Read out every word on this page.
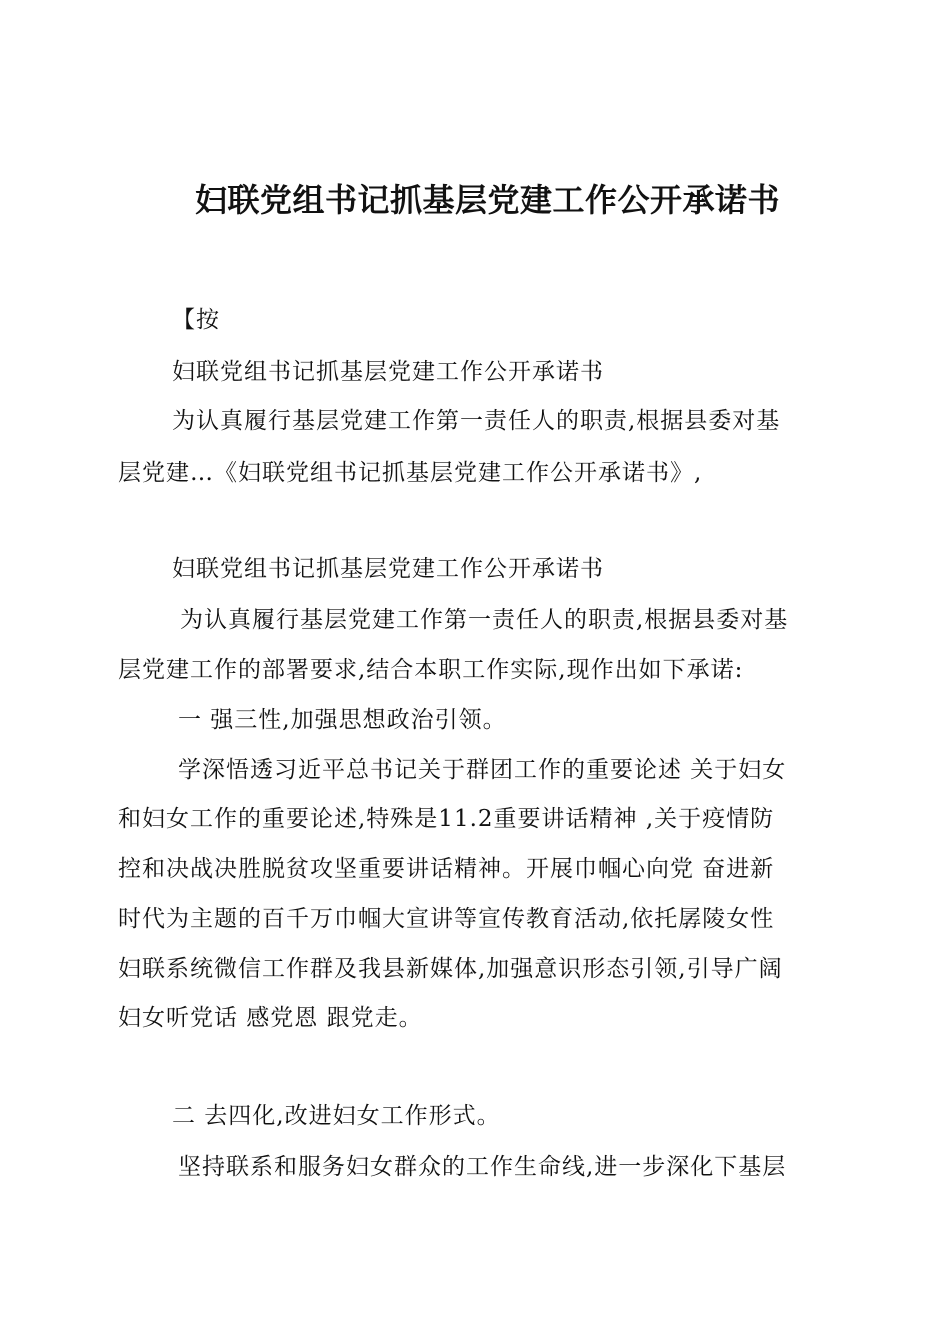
妇联党组书记抓基层党建工作公开承诺书
【按
妇联党组书记抓基层党建工作公开承诺书
为认真履行基层党建工作第一责任人的职责,根据县委对基
层党建…《妇联党组书记抓基层党建工作公开承诺书》,
妇联党组书记抓基层党建工作公开承诺书
为认真履行基层党建工作第一责任人的职责,根据县委对基
层党建工作的部署要求,结合本职工作实际,现作出如下承诺:
一 强三性,加强思想政治引领。
学深悟透习近平总书记关于群团工作的重要论述 关于妇女
和妇女工作的重要论述,特殊是11.2重要讲话精神 ,关于疫情防
控和决战决胜脱贫攻坚重要讲话精神。开展巾帼心向党 奋进新
时代为主题的百千万巾帼大宣讲等宣传教育活动,依托孱陵女性
妇联系统微信工作群及我县新媒体,加强意识形态引领,引导广阔
妇女听党话 感党恩 跟党走。
二 去四化,改进妇女工作形式。
坚持联系和服务妇女群众的工作生命线,进一步深化下基层
